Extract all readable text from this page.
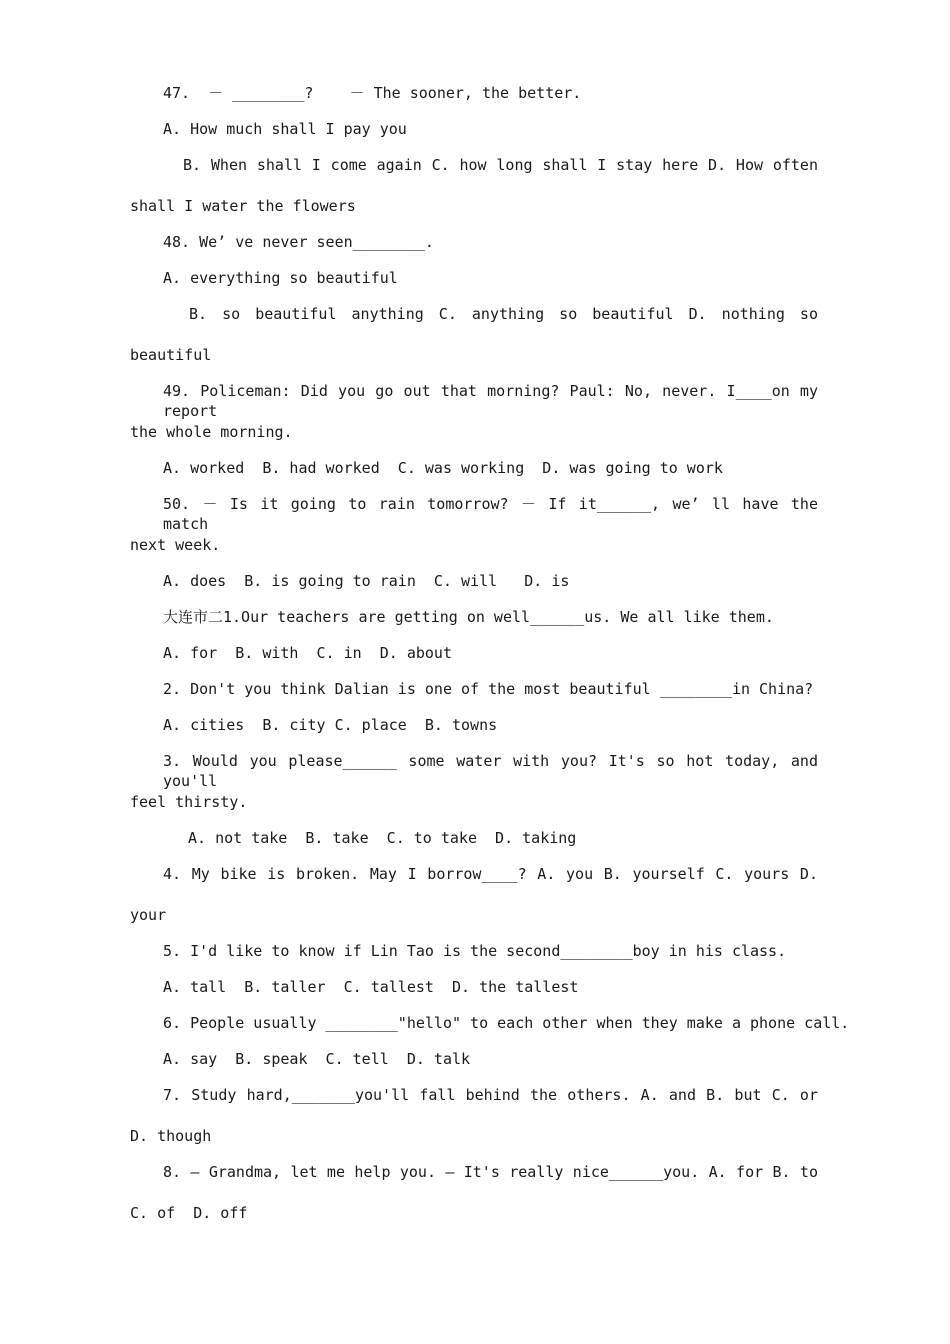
47.  － ________?    － The sooner, the better.
A. How much shall I pay you
B. When shall I come again C. how long shall I stay here D. How often
shall I water the flowers
48. We’ ve never seen________.
A. everything so beautiful
B. so beautiful anything C. anything so beautiful D. nothing so
beautiful
49. Policeman: Did you go out that morning? Paul: No, never. I____on my report
the whole morning.
A. worked  B. had worked  C. was working  D. was going to work
50. － Is it going to rain tomorrow? － If it______, we’ ll have the match
next week.
A. does  B. is going to rain  C. will   D. is
大连市二1.Our teachers are getting on well______us. We all like them.
A. for  B. with  C. in  D. about
2. Don't you think Dalian is one of the most beautiful ________in China?
A. cities  B. city C. place  B. towns
3. Would you please______ some water with you? It's so hot today, and you'll
feel thirsty.
A. not take  B. take  C. to take  D. taking
4. My bike is broken. May I borrow____? A. you B. yourself C. yours D.
your
5. I'd like to know if Lin Tao is the second________boy in his class.
A. tall  B. taller  C. tallest  D. the tallest
6. People usually ________"hello" to each other when they make a phone call.
A. say  B. speak  C. tell  D. talk
7. Study hard,_______you'll fall behind the others. A. and B. but C. or
D. though
8. — Grandma, let me help you. — It's really nice______you. A. for B. to
C. of  D. off
